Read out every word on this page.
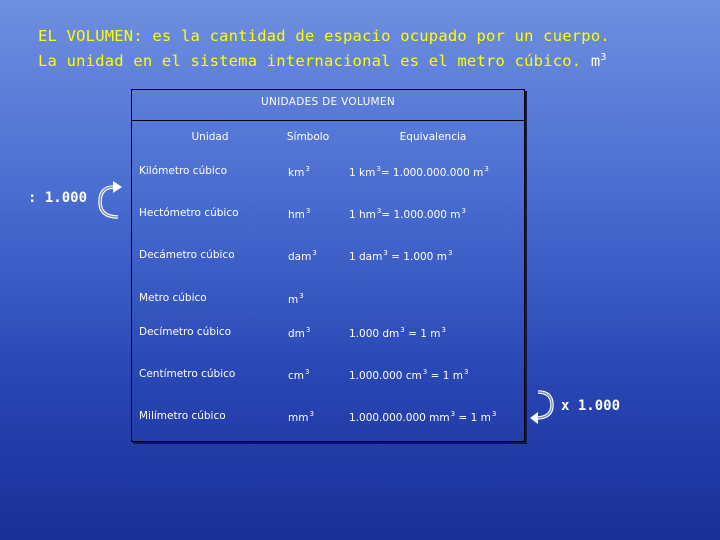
EL VOLUMEN: es la cantidad de espacio ocupado por un cuerpo.
La unidad en el sistema internacional es el metro cúbico. $m^3$
UNIDADES DE VOLUMEN
Unidad	Símbolo	Equivalencia
Kilómetro cúbico	$km^3$	1 $km^3= 1.000.000.000$ $m^3$
Hectómetro cúbico	$hm^3$	1 $hm^3= 1.000.000$ $m^3$
Decámetro cúbico	dam$^3$	1 dam$^3$ = 1.000 $m^3$
Metro cúbico	$m^3$
Decímetro cúbico	$dm^3$	1.000 $dm^3 = 1$ $m^3$
Centímetro cúbico	$cm^3$	1.000.000 $cm^3 = 1$ $m^3$
Milímetro cúbico	$mm^3$	1.000.000.000 $mm^3 = 1$ $m^3$
: 1.000
x 1.000
